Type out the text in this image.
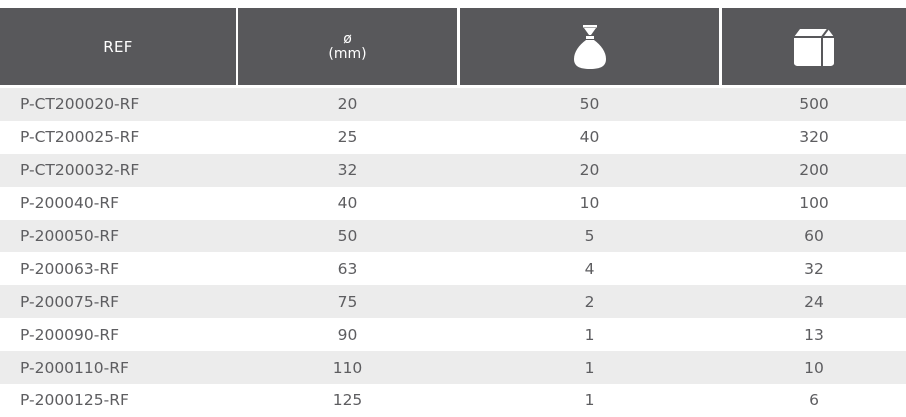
REF	ø
(mm)
P-CT200020-RF	20	50	500
P-CT200025-RF	25	40	320
P-CT200032-RF	32	20	200
P-200040-RF	40	10	100
P-200050-RF	50	5	60
P-200063-RF	63	4	32
P-200075-RF	75	2	24
P-200090-RF	90	1	13
P-2000110-RF	110	1	10
P-2000125-RF	125	1	6
